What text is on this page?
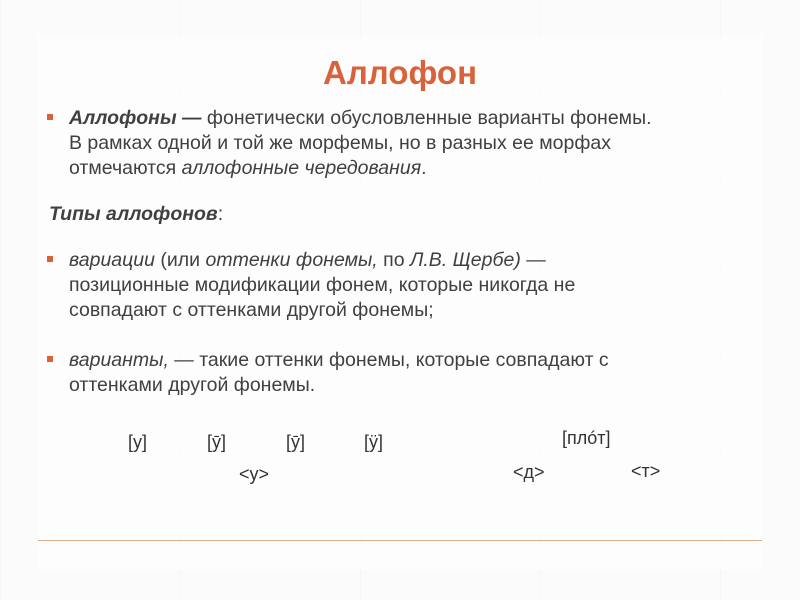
Аллофон
Аллофоны — фонетически обусловленные варианты фонемы.
В рамках одной и той же морфемы, но в разных ее морфах
отмечаются аллофонные чередования.
Типы аллофонов:
вариации (или оттенки фонемы, по Л.В. Щербе) —
позиционные модификации фонем, которые никогда не
совпадают с оттенками другой фонемы;
варианты, — такие оттенки фонемы, которые совпадают с
оттенками другой фонемы.
[у]	[ӯ]	[ӯ]	[ӱ]	[плóт]
<у>	<д>	<т>
